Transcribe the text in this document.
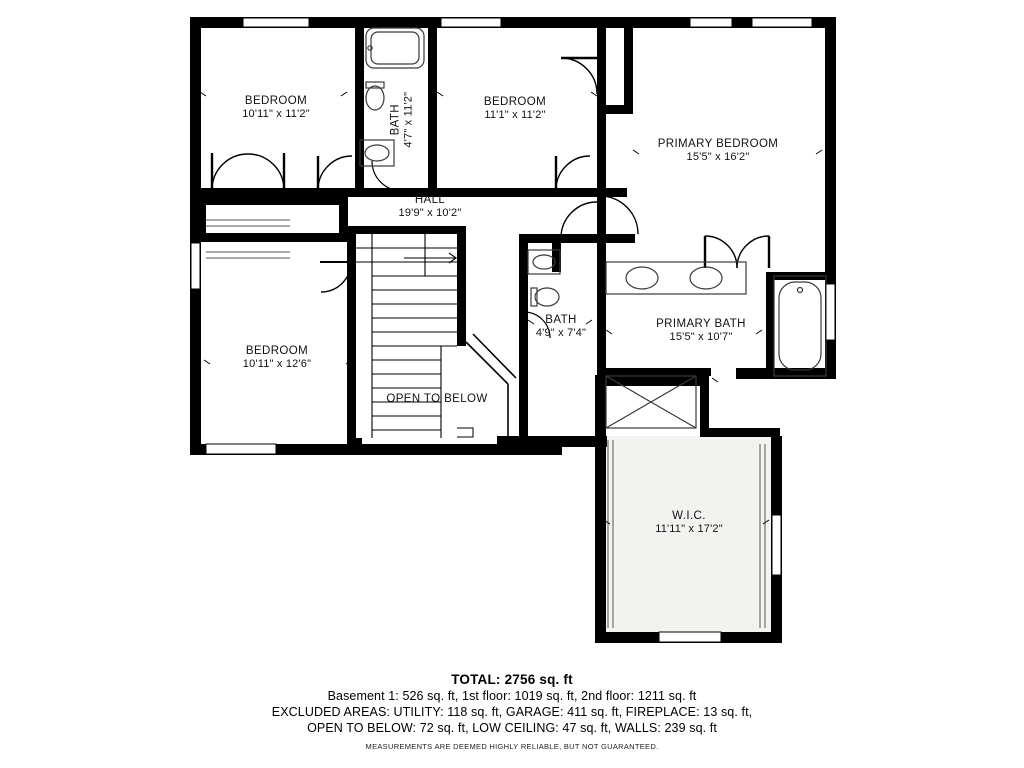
BEDROOM
10'11" x 11'2"	BATH 4'7" x 11'2"	BEDROOM
11'1" x 11'2"
PRIMARY BEDROOM
15'5" x 16'2"
HALL
19'9" x 10'2"
BEDROOM
10'11" x 12'6"
BATH
4'9" x 7'4"
PRIMARY BATH
15'5" x 10'7"
W.I.C.
11'11" x 17'2"
OPEN TO BELOW
TOTAL: 2756 sq. ft
Basement 1: 526 sq. ft, 1st floor: 1019 sq. ft, 2nd floor: 1211 sq. ft
EXCLUDED AREAS: UTILITY: 118 sq. ft, GARAGE: 411 sq. ft, FIREPLACE: 13 sq. ft,
OPEN TO BELOW: 72 sq. ft, LOW CEILING: 47 sq. ft, WALLS: 239 sq. ft
MEASUREMENTS ARE DEEMED HIGHLY RELIABLE, BUT NOT GUARANTEED.
